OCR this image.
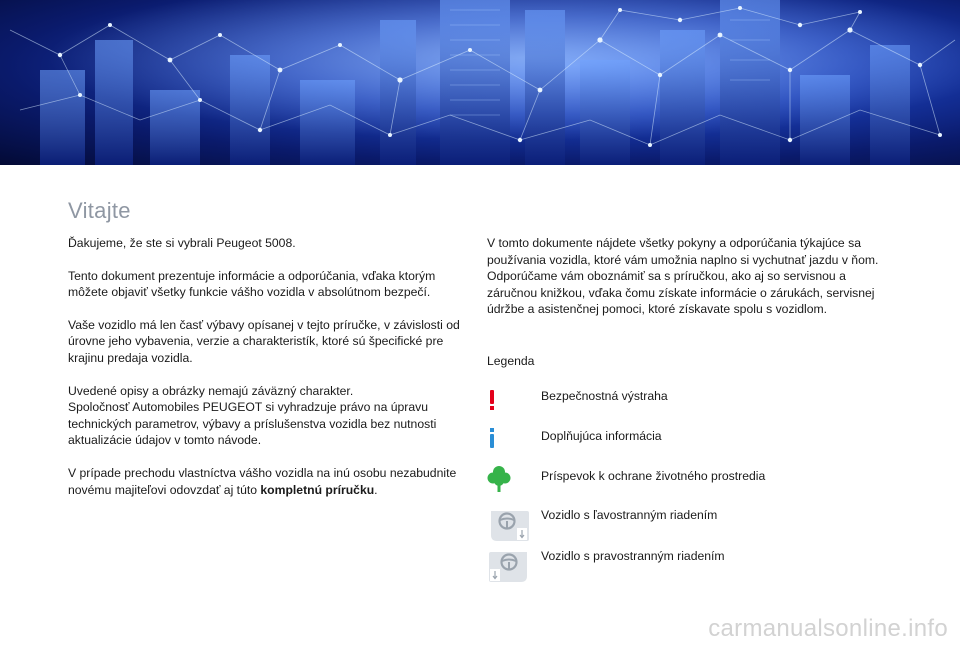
Vitajte

Ďakujeme, že ste si vybrali Peugeot 5008.

Tento dokument prezentuje informácie a odporúčania, vďaka ktorým môžete objaviť všetky funkcie vášho vozidla v absolútnom bezpečí.

Vaše vozidlo má len časť výbavy opísanej v tejto príručke, v závislosti od úrovne jeho vybavenia, verzie a charakteristík, ktoré sú špecifické pre krajinu predaja vozidla.

Uvedené opisy a obrázky nemajú záväzný charakter.
Spoločnosť Automobiles PEUGEOT si vyhradzuje právo na úpravu technických parametrov, výbavy a príslušenstva vozidla bez nutnosti aktualizácie údajov v tomto návode.

V prípade prechodu vlastníctva vášho vozidla na inú osobu nezabudnite novému majiteľovi odovzdať aj túto kompletnú príručku.

V tomto dokumente nájdete všetky pokyny a odporúčania týkajúce sa používania vozidla, ktoré vám umožnia naplno si vychutnať jazdu v ňom. Odporúčame vám oboznámiť sa s príručkou, ako aj so servisnou a záručnou knižkou, vďaka čomu získate informácie o zárukách, servisnej údržbe a asistenčnej pomoci, ktoré získavate spolu s vozidlom.

Legenda
Bezpečnostná výstraha
Doplňujúca informácia
Príspevok k ochrane životného prostredia
Vozidlo s ľavostranným riadením
Vozidlo s pravostranným riadením
carmanualsonline.info
